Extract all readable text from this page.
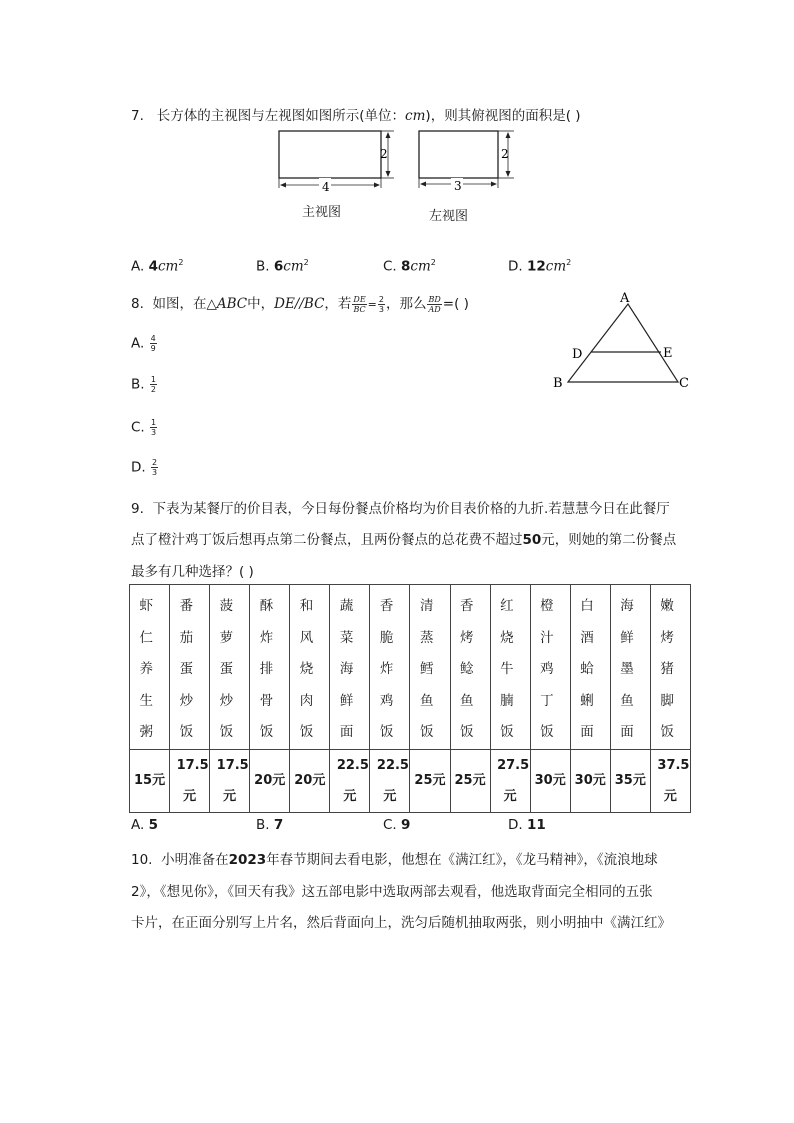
7. 长方体的主视图与左视图如图所示(单位：cm)，则其俯视图的面积是( )
4
2
3
2
主视图	左视图
A. $4cm^2$	B. $6cm^2$	C. $8cm^2$	D. $12cm^2$
8. 如图，在△ABC中，DE//BC，若 $\frac{DE}{BC} = \frac{2}{3}$ ，那么 $\frac{BD}{AD}$ =( )	A
B	C
D	E
A. $\frac{4}{9}$
B. $\frac{1}{2}$
C. $\frac{1}{3}$
D. $\frac{2}{3}$
9. 下表为某餐厅的价目表，今日每份餐点价格均为价目表价格的九折.若慧慧今日在此餐厅
点了橙汁鸡丁饭后想再点第二份餐点，且两份餐点的总花费不超过50元，则她的第二份餐点
最多有几种选择？( )
虾仁养生粥	番茄蛋炒饭	菠萝蛋炒饭	酥炸排骨饭	和风烧肉饭	蔬菜海鲜面	香脆炸鸡饭	清蒸鳕鱼饭	香烤鲶鱼饭	红烧牛腩饭	橙汁鸡丁饭	白酒蛤蜊面	海鲜墨鱼面	嫩烤猪脚饭

15元	17.5元	17.5元	20元	20元	22.5元	22.5元	25元	25元	27.5元	30元	30元	35元	37.5元
A. 5	B. 7	C. 9	D. 11
10. 小明准备在2023年春节期间去看电影，他想在《满江红》，《龙马精神》，《流浪地球
2》，《想见你》，《回天有我》这五部电影中选取两部去观看，他选取背面完全相同的五张
卡片，在正面分别写上片名，然后背面向上，洗匀后随机抽取两张，则小明抽中《满江红》
